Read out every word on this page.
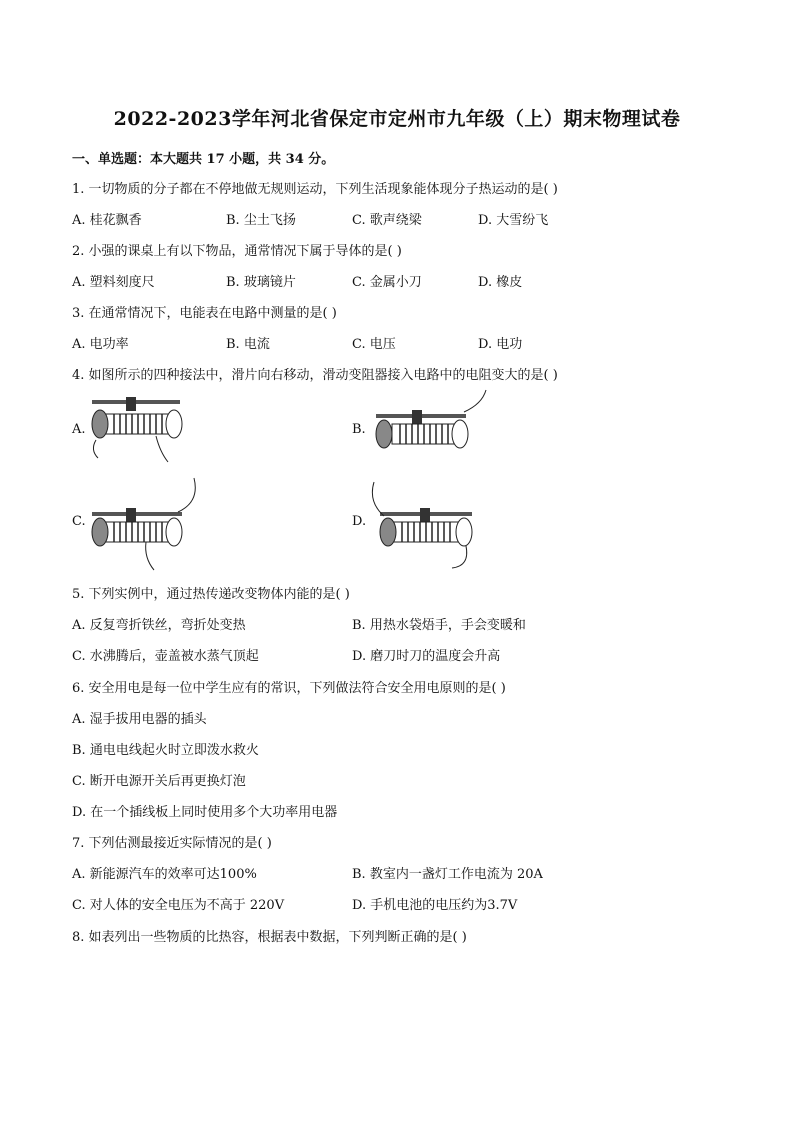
2022-2023学年河北省保定市定州市九年级（上）期末物理试卷
一、单选题：本大题共 17 小题，共 34 分。
1. 一切物质的分子都在不停地做无规则运动，下列生活现象能体现分子热运动的是( )
A. 桂花飘香	B. 尘土飞扬	C. 歌声绕梁	D. 大雪纷飞
2. 小强的课桌上有以下物品，通常情况下属于导体的是( )
A. 塑料刻度尺	B. 玻璃镜片	C. 金属小刀	D. 橡皮
3. 在通常情况下，电能表在电路中测量的是( )
A. 电功率	B. 电流	C. 电压	D. 电功
4. 如图所示的四种接法中，滑片向右移动，滑动变阻器接入电路中的电阻变大的是( )
A.	B.
C.	D.
5. 下列实例中，通过热传递改变物体内能的是( )
A. 反复弯折铁丝，弯折处变热	B. 用热水袋焐手，手会变暖和
C. 水沸腾后，壶盖被水蒸气顶起	D. 磨刀时刀的温度会升高
6. 安全用电是每一位中学生应有的常识，下列做法符合安全用电原则的是( )
A. 湿手拔用电器的插头
B. 通电电线起火时立即泼水救火
C. 断开电源开关后再更换灯泡
D. 在一个插线板上同时使用多个大功率用电器
7. 下列估测最接近实际情况的是( )
A. 新能源汽车的效率可达100%	B. 教室内一盏灯工作电流为 20A
C. 对人体的安全电压为不高于 220V	D. 手机电池的电压约为3.7V
8. 如表列出一些物质的比热容，根据表中数据，下列判断正确的是( )
